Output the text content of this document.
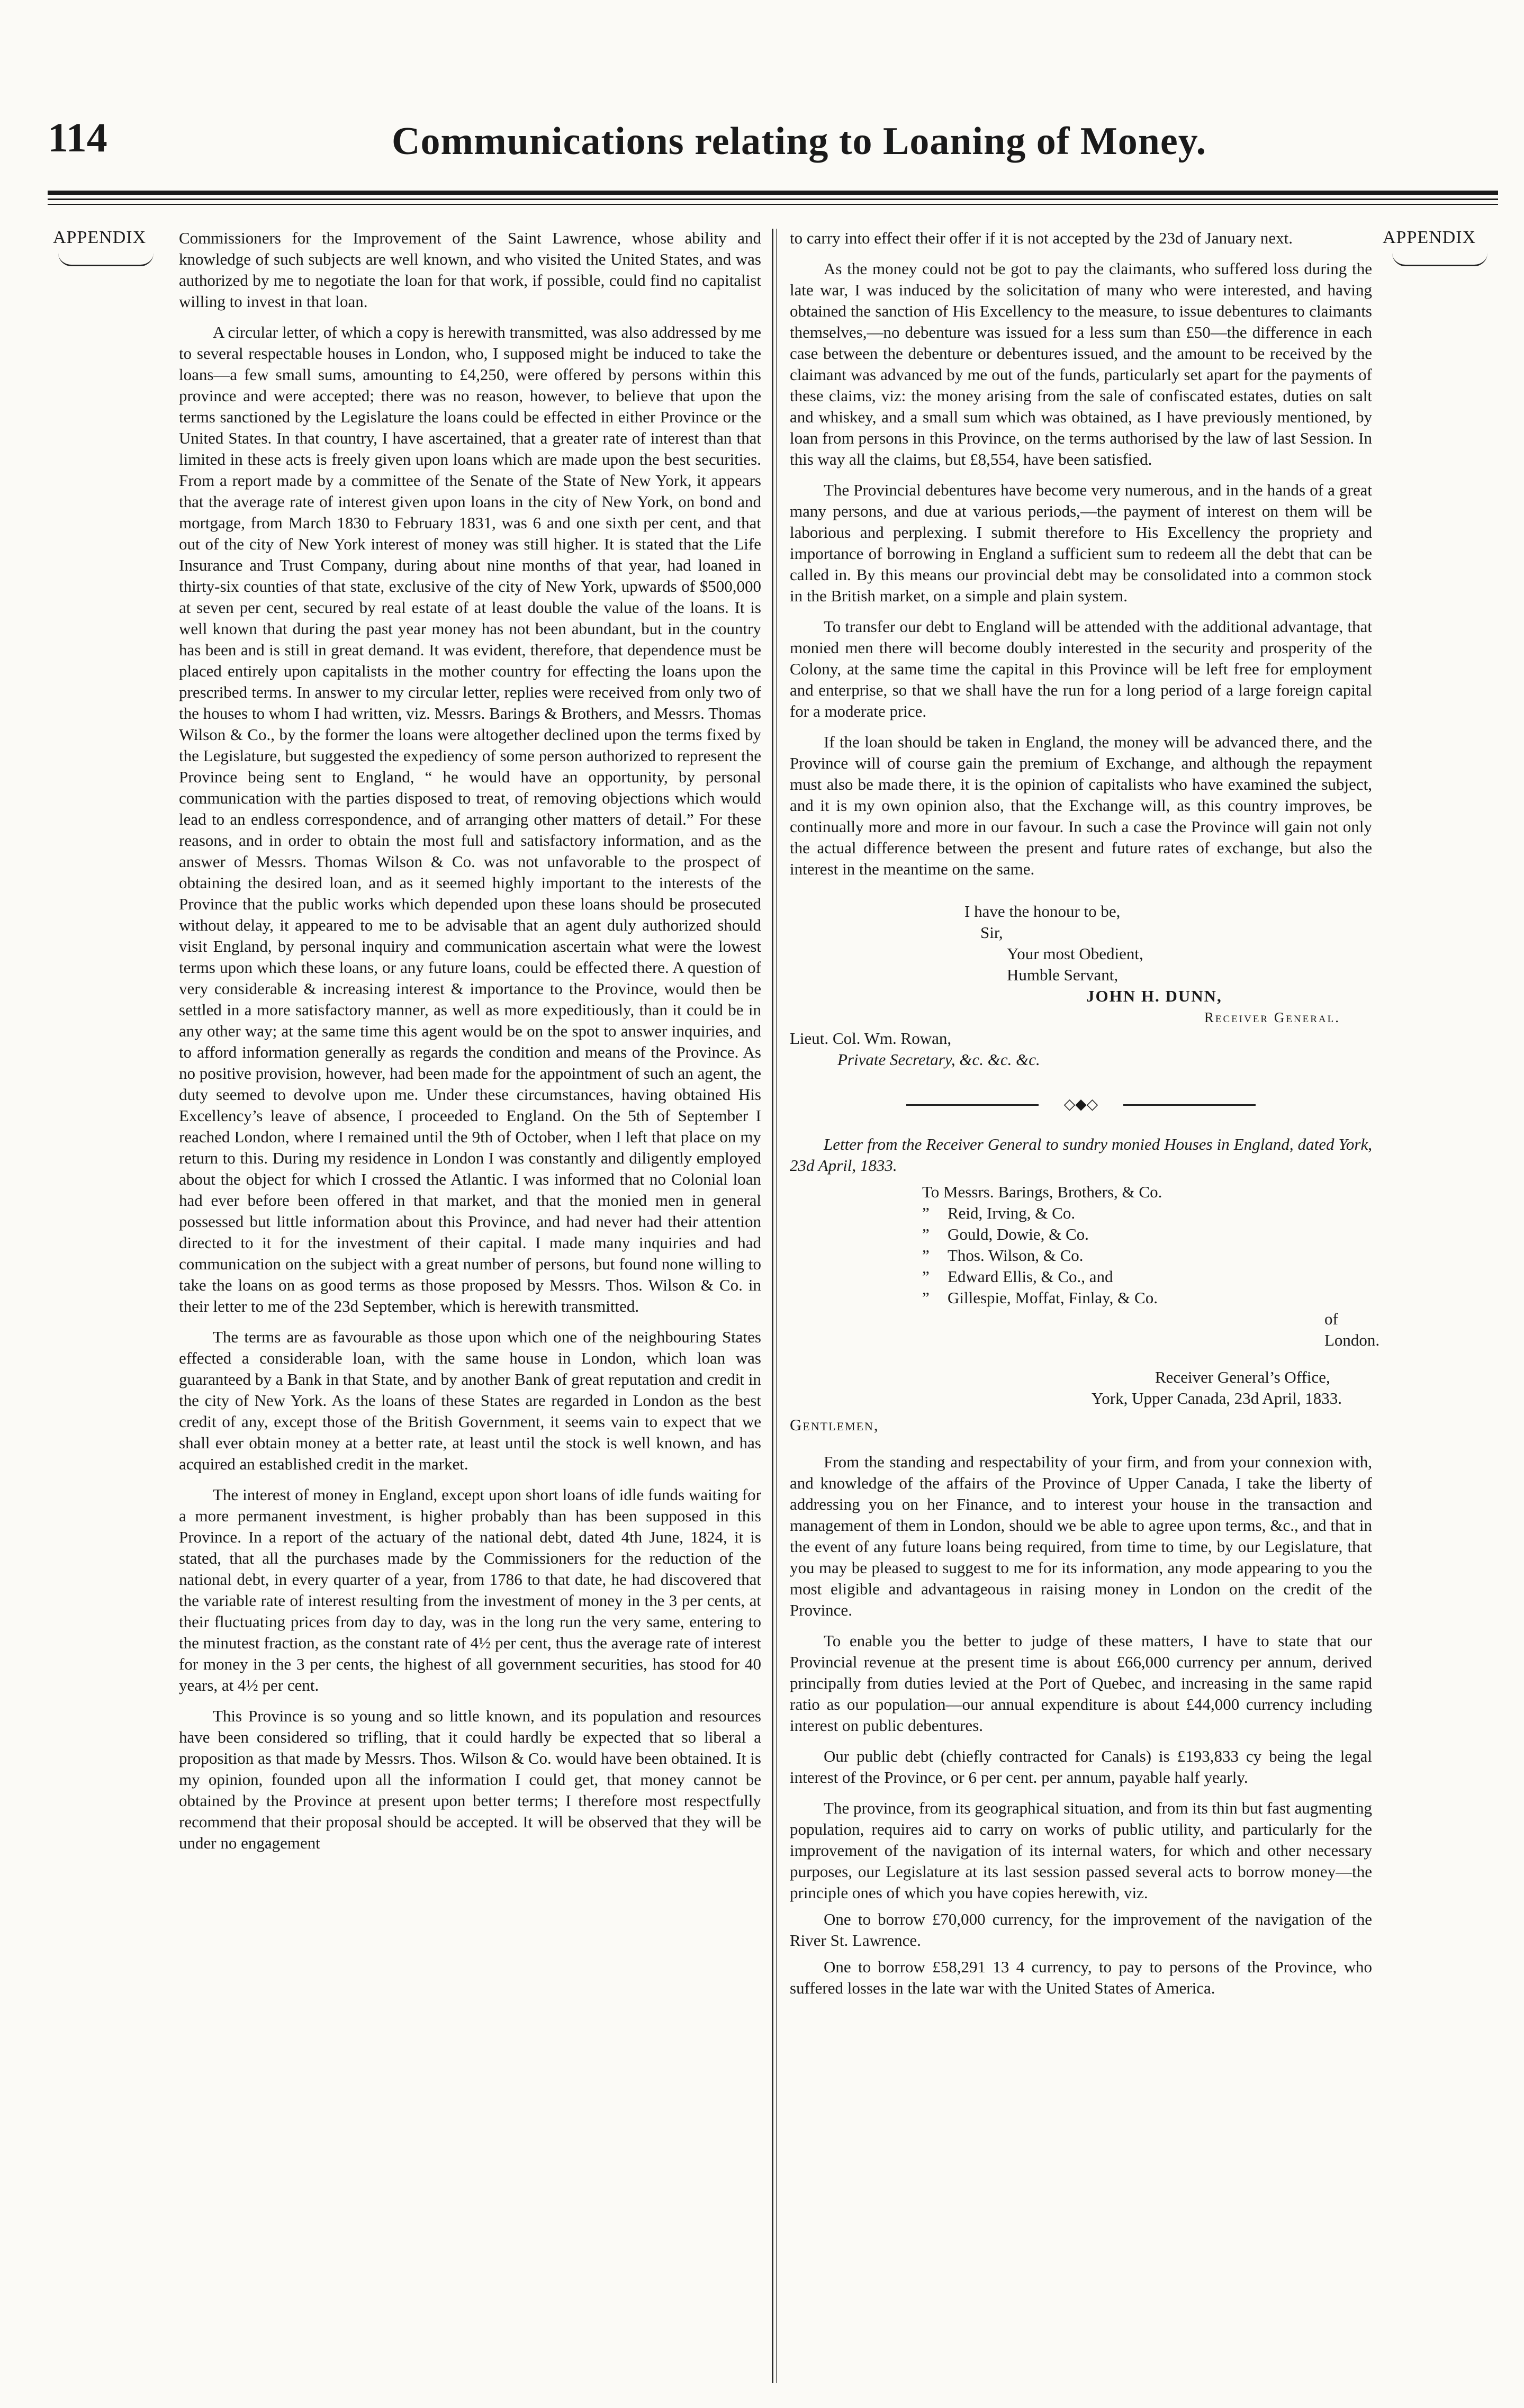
114	Communications relating to Loaning of Money.
APPENDIX	APPENDIX

Commissioners for the Improvement of the Saint Lawrence, whose ability and knowledge of such subjects are well known, and who visited the United States, and was authorized by me to negotiate the loan for that work, if possible, could find no capitalist willing to invest in that loan.

A circular letter, of which a copy is herewith transmitted, was also addressed by me to several respectable houses in London, who, I supposed might be induced to take the loans—a few small sums, amounting to £4,250, were offered by persons within this province and were accepted; there was no reason, however, to believe that upon the terms sanctioned by the Legislature the loans could be effected in either Province or the United States. In that country, I have ascertained, that a greater rate of interest than that limited in these acts is freely given upon loans which are made upon the best securities. From a report made by a committee of the Senate of the State of New York, it appears that the average rate of interest given upon loans in the city of New York, on bond and mortgage, from March 1830 to February 1831, was 6 and one sixth per cent, and that out of the city of New York interest of money was still higher. It is stated that the Life Insurance and Trust Company, during about nine months of that year, had loaned in thirty-six counties of that state, exclusive of the city of New York, upwards of $500,000 at seven per cent, secured by real estate of at least double the value of the loans. It is well known that during the past year money has not been abundant, but in the country has been and is still in great demand. It was evident, therefore, that dependence must be placed entirely upon capitalists in the mother country for effecting the loans upon the prescribed terms. In answer to my circular letter, replies were received from only two of the houses to whom I had written, viz. Messrs. Barings & Brothers, and Messrs. Thomas Wilson & Co., by the former the loans were altogether declined upon the terms fixed by the Legislature, but suggested the expediency of some person authorized to represent the Province being sent to England, “ he would have an opportunity, by personal communication with the parties disposed to treat, of removing objections which would lead to an endless correspondence, and of arranging other matters of detail.” For these reasons, and in order to obtain the most full and satisfactory information, and as the answer of Messrs. Thomas Wilson & Co. was not unfavorable to the prospect of obtaining the desired loan, and as it seemed highly important to the interests of the Province that the public works which depended upon these loans should be prosecuted without delay, it appeared to me to be advisable that an agent duly authorized should visit England, by personal inquiry and communication ascertain what were the lowest terms upon which these loans, or any future loans, could be effected there. A question of very considerable & increasing interest & importance to the Province, would then be settled in a more satisfactory manner, as well as more expeditiously, than it could be in any other way; at the same time this agent would be on the spot to answer inquiries, and to afford information generally as regards the condition and means of the Province. As no positive provision, however, had been made for the appointment of such an agent, the duty seemed to devolve upon me. Under these circumstances, having obtained His Excellency’s leave of absence, I proceeded to England. On the 5th of September I reached London, where I remained until the 9th of October, when I left that place on my return to this. During my residence in London I was constantly and diligently employed about the object for which I crossed the Atlantic. I was informed that no Colonial loan had ever before been offered in that market, and that the monied men in general possessed but little information about this Province, and had never had their attention directed to it for the investment of their capital. I made many inquiries and had communication on the subject with a great number of persons, but found none willing to take the loans on as good terms as those proposed by Messrs. Thos. Wilson & Co. in their letter to me of the 23d September, which is herewith transmitted.

The terms are as favourable as those upon which one of the neighbouring States effected a considerable loan, with the same house in London, which loan was guaranteed by a Bank in that State, and by another Bank of great reputation and credit in the city of New York. As the loans of these States are regarded in London as the best credit of any, except those of the British Government, it seems vain to expect that we shall ever obtain money at a better rate, at least until the stock is well known, and has acquired an established credit in the market.

The interest of money in England, except upon short loans of idle funds waiting for a more permanent investment, is higher probably than has been supposed in this Province. In a report of the actuary of the national debt, dated 4th June, 1824, it is stated, that all the purchases made by the Commissioners for the reduction of the national debt, in every quarter of a year, from 1786 to that date, he had discovered that the variable rate of interest resulting from the investment of money in the 3 per cents, at their fluctuating prices from day to day, was in the long run the very same, entering to the minutest fraction, as the constant rate of 4½ per cent, thus the average rate of interest for money in the 3 per cents, the highest of all government securities, has stood for 40 years, at 4½ per cent.

This Province is so young and so little known, and its population and resources have been considered so trifling, that it could hardly be expected that so liberal a proposition as that made by Messrs. Thos. Wilson & Co. would have been obtained. It is my opinion, founded upon all the information I could get, that money cannot be obtained by the Province at present upon better terms; I therefore most respectfully recommend that their proposal should be accepted. It will be observed that they will be under no engagement

to carry into effect their offer if it is not accepted by the 23d of January next.

As the money could not be got to pay the claimants, who suffered loss during the late war, I was induced by the solicitation of many who were interested, and having obtained the sanction of His Excellency to the measure, to issue debentures to claimants themselves,—no debenture was issued for a less sum than £50—the difference in each case between the debenture or debentures issued, and the amount to be received by the claimant was advanced by me out of the funds, particularly set apart for the payments of these claims, viz: the money arising from the sale of confiscated estates, duties on salt and whiskey, and a small sum which was obtained, as I have previously mentioned, by loan from persons in this Province, on the terms authorised by the law of last Session. In this way all the claims, but £8,554, have been satisfied.

The Provincial debentures have become very numerous, and in the hands of a great many persons, and due at various periods,—the payment of interest on them will be laborious and perplexing. I submit therefore to His Excellency the propriety and importance of borrowing in England a sufficient sum to redeem all the debt that can be called in. By this means our provincial debt may be consolidated into a common stock in the British market, on a simple and plain system.

To transfer our debt to England will be attended with the additional advantage, that monied men there will become doubly interested in the security and prosperity of the Colony, at the same time the capital in this Province will be left free for employment and enterprise, so that we shall have the run for a long period of a large foreign capital for a moderate price.

If the loan should be taken in England, the money will be advanced there, and the Province will of course gain the premium of Exchange, and although the repayment must also be made there, it is the opinion of capitalists who have examined the subject, and it is my own opinion also, that the Exchange will, as this country improves, be continually more and more in our favour. In such a case the Province will gain not only the actual difference between the present and future rates of exchange, but also the interest in the meantime on the same.

I have the honour to be,
Sir,
Your most Obedient,
Humble Servant,
JOHN H. DUNN,
Receiver General.
Lieut. Col. Wm. Rowan,
Private Secretary, &c. &c. &c.
◇◆◇

Letter from the Receiver General to sundry monied Houses in England, dated York, 23d April, 1833.

To Messrs. Barings, Brothers, & Co.
” Reid, Irving, & Co.
” Gould, Dowie, & Co.
” Thos. Wilson, & Co.
” Edward Ellis, & Co., and
” Gillespie, Moffat, Finlay, & Co.
of London.
Receiver General’s Office,
York, Upper Canada, 23d April, 1833.
Gentlemen,

From the standing and respectability of your firm, and from your connexion with, and knowledge of the affairs of the Province of Upper Canada, I take the liberty of addressing you on her Finance, and to interest your house in the transaction and management of them in London, should we be able to agree upon terms, &c., and that in the event of any future loans being required, from time to time, by our Legislature, that you may be pleased to suggest to me for its information, any mode appearing to you the most eligible and advantageous in raising money in London on the credit of the Province.

To enable you the better to judge of these matters, I have to state that our Provincial revenue at the present time is about £66,000 currency per annum, derived principally from duties levied at the Port of Quebec, and increasing in the same rapid ratio as our population—our annual expenditure is about £44,000 currency including interest on public debentures.

Our public debt (chiefly contracted for Canals) is £193,833 cy being the legal interest of the Province, or 6 per cent. per annum, payable half yearly.

The province, from its geographical situation, and from its thin but fast augmenting population, requires aid to carry on works of public utility, and particularly for the improvement of the navigation of its internal waters, for which and other necessary purposes, our Legislature at its last session passed several acts to borrow money—the principle ones of which you have copies herewith, viz.

One to borrow £70,000 currency, for the improvement of the navigation of the River St. Lawrence.

One to borrow £58,291 13 4 currency, to pay to persons of the Province, who suffered losses in the late war with the United States of America.
